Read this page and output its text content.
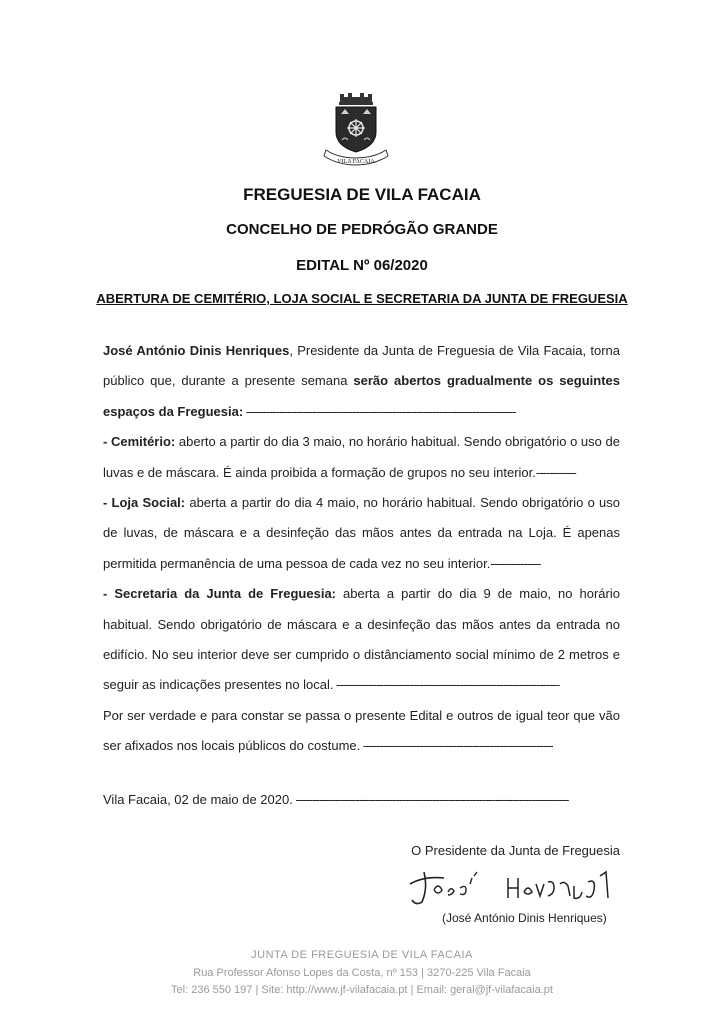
VILA FACAIA
FREGUESIA DE VILA FACAIA
CONCELHO DE PEDRÓGÃO GRANDE
EDITAL Nº 06/2020
ABERTURA DE CEMITÉRIO, LOJA SOCIAL E SECRETARIA DA JUNTA DE FREGUESIA

José António Dinis Henriques, Presidente da Junta de Freguesia de Vila Facaia, torna público que, durante a presente semana serão abertos gradualmente os seguintes espaços da Freguesia: ---------------------------------------------------------------------------------

- Cemitério: aberto a partir do dia 3 maio, no horário habitual. Sendo obrigatório o uso de luvas e de máscara. É ainda proibida a formação de grupos no seu interior.------------

- Loja Social: aberta a partir do dia 4 maio, no horário habitual. Sendo obrigatório o uso de luvas, de máscara e a desinfeção das mãos antes da entrada na Loja. É apenas permitida permanência de uma pessoa de cada vez no seu interior.---------------

- Secretaria da Junta de Freguesia: aberta a partir do dia 9 de maio, no horário habitual. Sendo obrigatório de máscara e a desinfeção das mãos antes da entrada no edifício. No seu interior deve ser cumprido o distânciamento social mínimo de 2 metros e seguir as indicações presentes no local. -------------------------------------------------------------------

Por ser verdade e para constar se passa o presente Edital e outros de igual teor que vão ser afixados nos locais públicos do costume. ---------------------------------------------------------

Vila Facaia, 02 de maio de 2020. ----------------------------------------------------------------------------------
O Presidente da Junta de Freguesia
(José António Dinis Henriques)
JUNTA DE FREGUESIA DE VILA FACAIA
Rua Professor Afonso Lopes da Costa, nº 153 | 3270-225 Vila Facaia
Tel: 236 550 197 | Site: http://www.jf-vilafacaia.pt | Email: geral@jf-vilafacaia.pt
